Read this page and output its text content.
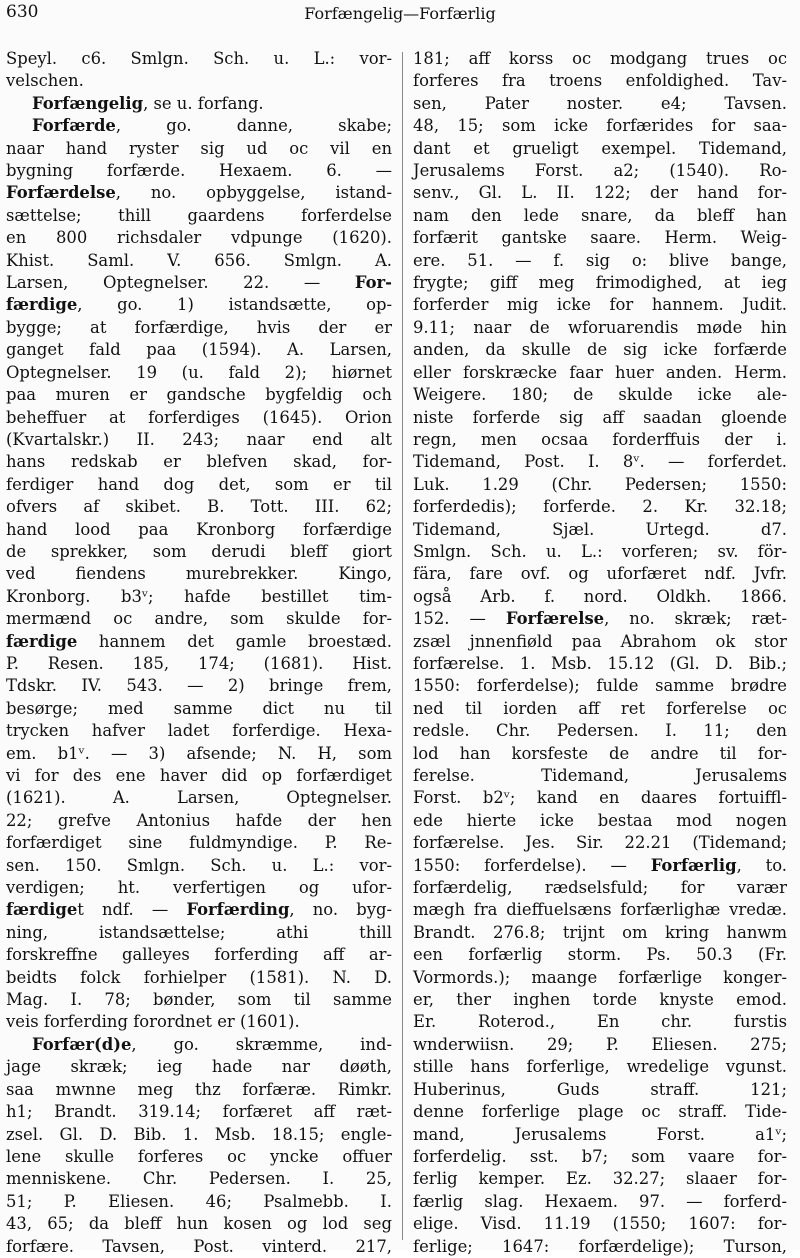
630	Forfængelig—Forfærlig
Speyl. c6. Smlgn. Sch. u. L.: vor-
velschen.
Forfængelig, se u. forfang.
Forfærde, go. danne, skabe;
naar hand ryster sig ud oc vil en
bygning forfærde. Hexaem. 6. —
Forfærdelse, no. opbyggelse, istand-
sættelse; thill gaardens forferdelse
en 800 richsdaler vdpunge (1620).
Khist. Saml. V. 656. Smlgn. A.
Larsen, Optegnelser. 22. — For-
færdige, go. 1) istandsætte, op-
bygge; at forfærdige, hvis der er
ganget fald paa (1594). A. Larsen,
Optegnelser. 19 (u. fald 2); hiørnet
paa muren er gandsche bygfeldig och
beheffuer at forferdiges (1645). Orion
(Kvartalskr.) II. 243; naar end alt
hans redskab er blefven skad, for-
ferdiger hand dog det, som er til
ofvers af skibet. B. Tott. III. 62;
hand lood paa Kronborg forfærdige
de sprekker, som derudi bleff giort
ved fiendens murebrekker. Kingo,
Kronborg. b3ᵛ; hafde bestillet tim-
mermænd oc andre, som skulde for-
færdige hannem det gamle broestæd.
P. Resen. 185, 174; (1681). Hist.
Tdskr. IV. 543. — 2) bringe frem,
besørge; med samme dict nu til
trycken hafver ladet forferdige. Hexa-
em. b1ᵛ. — 3) afsende; N. H, som
vi for des ene haver did op forfærdiget
(1621). A. Larsen, Optegnelser.
22; grefve Antonius hafde der hen
forfærdiget sine fuldmyndige. P. Re-
sen. 150. Smlgn. Sch. u. L.: vor-
verdigen; ht. verfertigen og ufor-
færdiget ndf. — Forfærding, no. byg-
ning, istandsættelse; athi thill
forskreffne galleyes forferding aff ar-
beidts folck forhielper (1581). N. D.
Mag. I. 78; bønder, som til samme
veis forferding forordnet er (1601).
Forfær(d)e, go. skræmme, ind-
jage skræk; ieg hade nar døøth,
saa mwnne meg thz forfæræ. Rimkr.
h1; Brandt. 319.14; forfæret aff ræt-
zsel. Gl. D. Bib. 1. Msb. 18.15; engle-
lene skulle forferes oc yncke offuer
menniskene. Chr. Pedersen. I. 25,
51; P. Eliesen. 46; Psalmebb. I.
43, 65; da bleff hun kosen og lod seg
forfære. Tavsen, Post. vinterd. 217,
181; aff korss oc modgang trues oc
forferes fra troens enfoldighed. Tav-
sen, Pater noster. e4; Tavsen.
48, 15; som icke forfærides for saa-
dant et grueligt exempel. Tidemand,
Jerusalems Forst. a2; (1540). Ro-
senv., Gl. L. II. 122; der hand for-
nam den lede snare, da bleff han
forfærit gantske saare. Herm. Weig-
ere. 51. — f. sig o: blive bange,
frygte; giff meg frimodighed, at ieg
forferder mig icke for hannem. Judit.
9.11; naar de wforuarendis møde hin
anden, da skulle de sig icke forfærde
eller forskræcke faar huer anden. Herm.
Weigere. 180; de skulde icke ale-
niste forferde sig aff saadan gloende
regn, men ocsaa forderffuis der i.
Tidemand, Post. I. 8ᵛ. — forferdet.
Luk. 1.29 (Chr. Pedersen; 1550:
forferdedis); forferde. 2. Kr. 32.18;
Tidemand, Sjæl. Urtegd. d7.
Smlgn. Sch. u. L.: vorferen; sv. för-
fära, fare ovf. og uforfæret ndf. Jvfr.
også Arb. f. nord. Oldkh. 1866.
152. — Forfærelse, no. skræk; ræt-
zsæl jnnenfiøld paa Abrahom ok stor
forfærelse. 1. Msb. 15.12 (Gl. D. Bib.;
1550: forferdelse); fulde samme brødre
ned til iorden aff ret forferelse oc
redsle. Chr. Pedersen. I. 11; den
lod han korsfeste de andre til for-
ferelse. Tidemand, Jerusalems
Forst. b2ᵛ; kand en daares fortuiffl-
ede hierte icke bestaa mod nogen
forfærelse. Jes. Sir. 22.21 (Tidemand;
1550: forferdelse). — Forfærlig, to.
forfærdelig, rædselsfuld; for varær
mægh fra dieffuelsæns forfærlighæ vredæ.
Brandt. 276.8; trijnt om kring hanwm
een forfærlig storm. Ps. 50.3 (Fr.
Vormords.); maange forfærlige konger-
er, ther inghen torde knyste emod.
Er. Roterod., En chr. furstis
wnderwiisn. 29; P. Eliesen. 275;
stille hans forferlige, wredelige vgunst.
Huberinus, Guds straff. 121;
denne forferlige plage oc straff. Tide-
mand, Jerusalems Forst. a1ᵛ;
forferdelig. sst. b7; som vaare for-
ferlig kemper. Ez. 32.27; slaaer for-
færlig slag. Hexaem. 97. — forferd-
elige. Visd. 11.19 (1550; 1607: for-
ferlige; 1647: forfærdelige); Turson,
